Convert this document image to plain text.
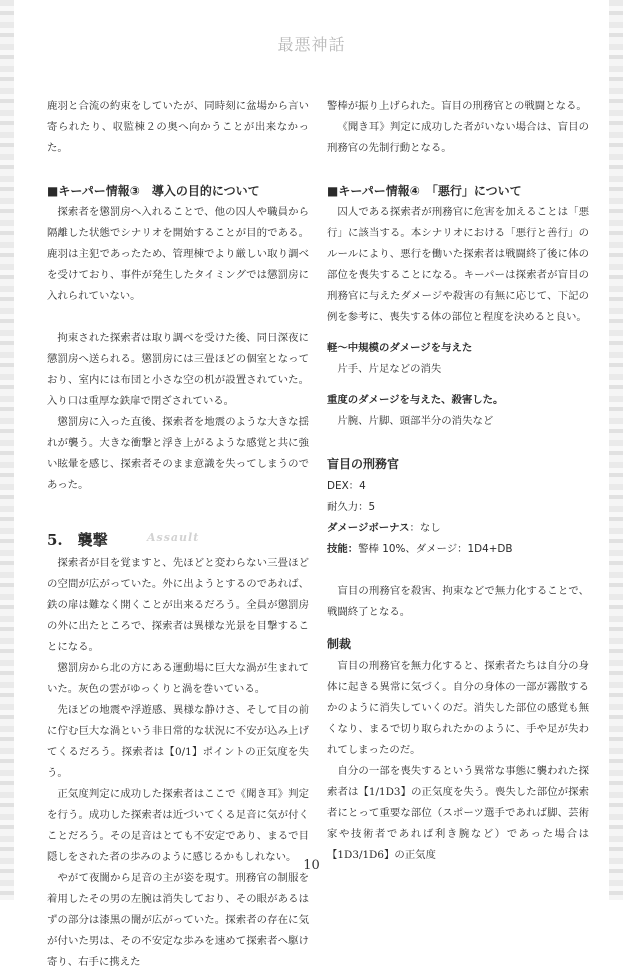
最悪神話

鹿羽と合流の約束をしていたが、同時刻に盆場から言い寄られたり、収監棟２の奥へ向かうことが出来なかった。

■キーパー情報③　導入の目的について

探索者を懲罰房へ入れることで、他の囚人や職員から隔離した状態でシナリオを開始することが目的である。鹿羽は主犯であったため、管理棟でより厳しい取り調べを受けており、事件が発生したタイミングでは懲罰房に入れられていない。

拘束された探索者は取り調べを受けた後、同日深夜に懲罰房へ送られる。懲罰房には三畳ほどの個室となっており、室内には布団と小さな空の机が設置されていた。入り口は重厚な鉄扉で閉ざされている。

懲罰房に入った直後、探索者を地震のような大きな揺れが襲う。大きな衝撃と浮き上がるような感覚と共に強い眩暈を感じ、探索者そのまま意識を失ってしまうのであった。

5.　襲撃	Assault

探索者が目を覚ますと、先ほどと変わらない三畳ほどの空間が広がっていた。外に出ようとするのであれば、鉄の扉は難なく開くことが出来るだろう。全員が懲罰房の外に出たところで、探索者は異様な光景を目撃することになる。

懲罰房から北の方にある運動場に巨大な渦が生まれていた。灰色の雲がゆっくりと渦を巻いている。

先ほどの地震や浮遊感、異様な静けさ、そして目の前に佇む巨大な渦という非日常的な状況に不安が込み上げてくるだろう。探索者は【0/1】ポイントの正気度を失う。

正気度判定に成功した探索者はここで《聞き耳》判定を行う。成功した探索者は近づいてくる足音に気が付くことだろう。その足音はとても不安定であり、まるで目隠しをされた者の歩みのように感じるかもしれない。

やがて夜闇から足音の主が姿を現す。刑務官の制服を着用したその男の左腕は消失しており、その眼があるはずの部分は漆黒の闇が広がっていた。探索者の存在に気が付いた男は、その不安定な歩みを速めて探索者へ駆け寄り、右手に携えた

警棒が振り上げられた。盲目の刑務官との戦闘となる。

《聞き耳》判定に成功した者がいない場合は、盲目の刑務官の先制行動となる。

■キーパー情報④　「悪行」について

囚人である探索者が刑務官に危害を加えることは「悪行」に該当する。本シナリオにおける「悪行と善行」のルールにより、悪行を働いた探索者は戦闘終了後に体の部位を喪失することになる。キーパーは探索者が盲目の刑務官に与えたダメージや殺害の有無に応じて、下記の例を参考に、喪失する体の部位と程度を決めると良い。

軽〜中規模のダメージを与えた

片手、片足などの消失

重度のダメージを与えた、殺害した。

片腕、片脚、頭部半分の消失など

盲目の刑務官
DEX：4
耐久力：5
ダメージボーナス：なし
技能：警棒 10%、ダメージ：1D4+DB

盲目の刑務官を殺害、拘束などで無力化することで、戦闘終了となる。

制裁

盲目の刑務官を無力化すると、探索者たちは自分の身体に起きる異常に気づく。自分の身体の一部が霧散するかのように消失していくのだ。消失した部位の感覚も無くなり、まるで切り取られたかのように、手や足が失われてしまったのだ。

自分の一部を喪失するという異常な事態に襲われた探索者は【1/1D3】の正気度を失う。喪失した部位が探索者にとって重要な部位（スポーツ選手であれば脚、芸術家や技術者であれば利き腕など）であった場合は【1D3/1D6】の正気度

10
